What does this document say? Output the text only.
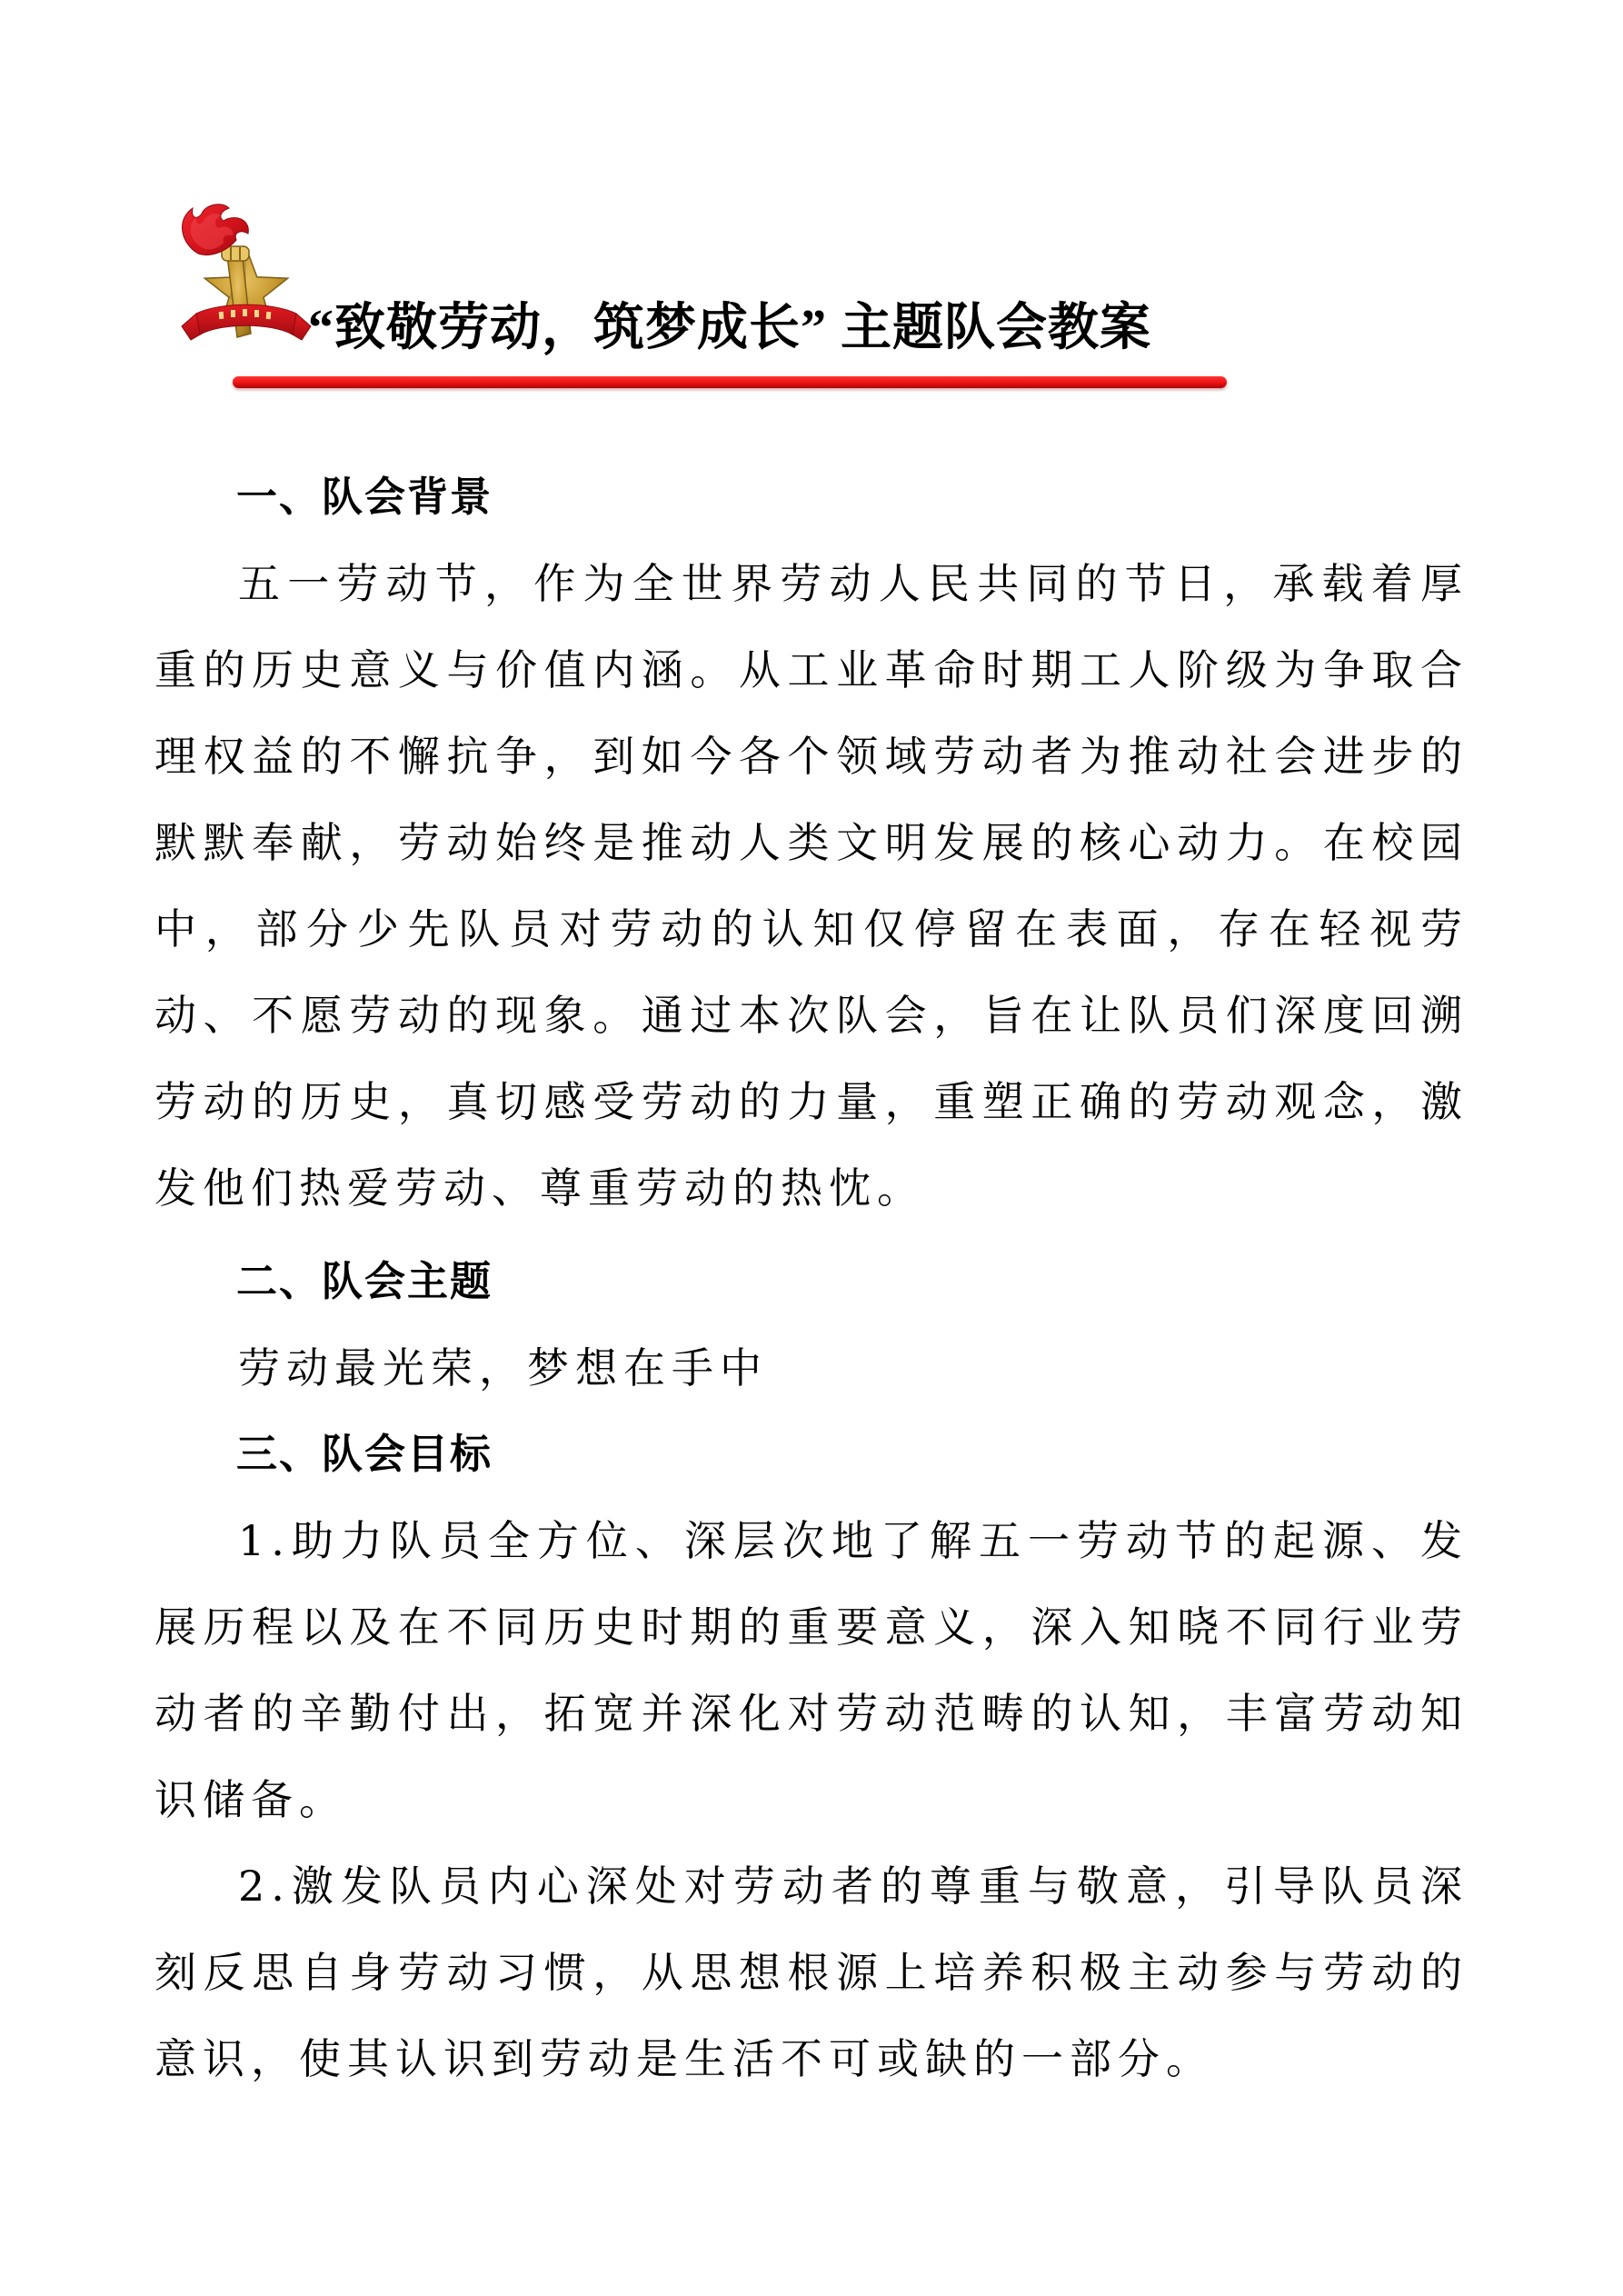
“致敬劳动，筑梦成长” 主题队会教案
一、队会背景

五一劳动节，作为全世界劳动人民共同的节日，承载着厚重的历史意义与价值内涵。从工业革命时期工人阶级为争取合理权益的不懈抗争，到如今各个领域劳动者为推动社会进步的默默奉献，劳动始终是推动人类文明发展的核心动力。在校园中，部分少先队员对劳动的认知仅停留在表面，存在轻视劳动、不愿劳动的现象。通过本次队会，旨在让队员们深度回溯劳动的历史，真切感受劳动的力量，重塑正确的劳动观念，激发他们热爱劳动、尊重劳动的热忱。

二、队会主题

劳动最光荣，梦想在手中

三、队会目标

1.助力队员全方位、深层次地了解五一劳动节的起源、发展历程以及在不同历史时期的重要意义，深入知晓不同行业劳动者的辛勤付出，拓宽并深化对劳动范畴的认知，丰富劳动知识储备。

2.激发队员内心深处对劳动者的尊重与敬意，引导队员深刻反思自身劳动习惯，从思想根源上培养积极主动参与劳动的意识，使其认识到劳动是生活不可或缺的一部分。
